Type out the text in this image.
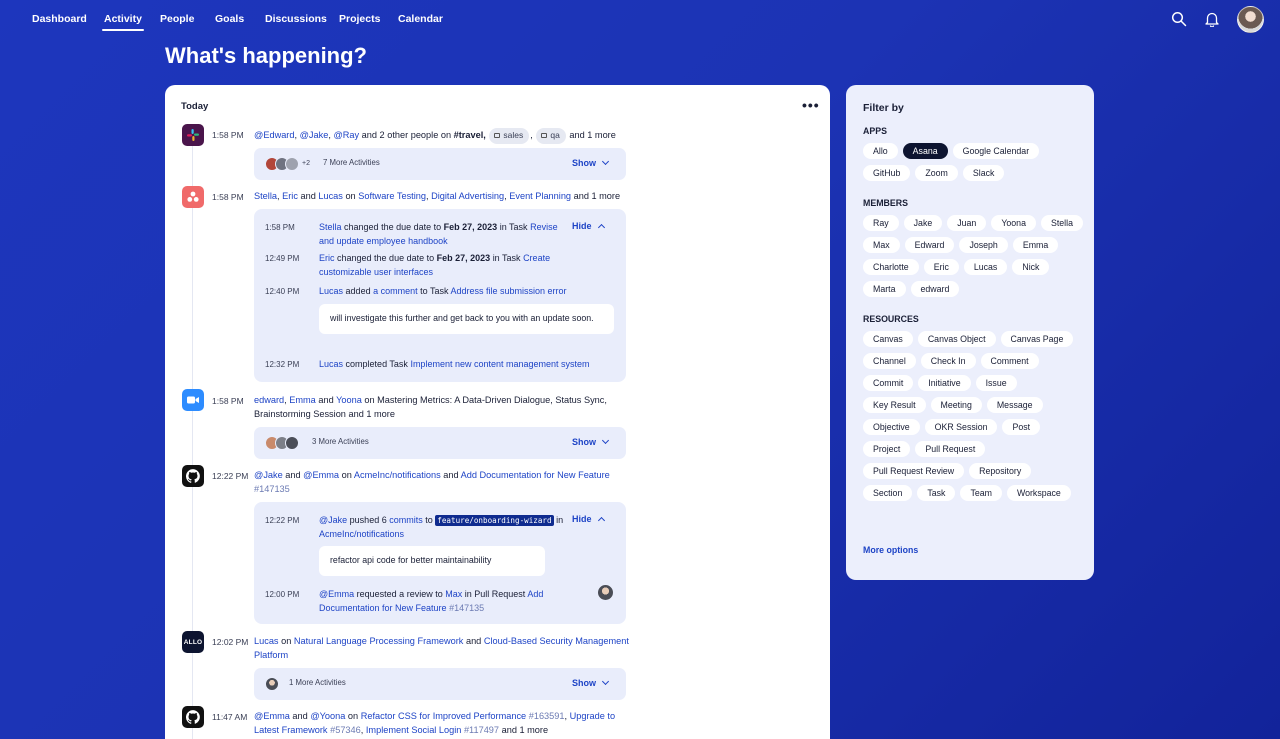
Dashboard Activity People Goals Discussions Projects Calendar
What's happening?
Today	•••
1:58 PM @Edward, @Jake, @Ray and 2 other people on #travel, sales , qa and 1 more
+2 7 More Activities	Show
1:58 PM Stella, Eric and Lucas on Software Testing, Digital Advertising, Event Planning and 1 more
Hide
1:58 PM	Stella changed the due date to Feb 27, 2023 in Task Revise and update employee handbook
12:49 PM Eric changed the due date to Feb 27, 2023 in Task Create customizable user interfaces
12:40 PM Lucas added a comment to Task Address file submission error
will investigate this further and get back to you with an update soon.
12:32 PM Lucas completed Task Implement new content management system
1:58 PM edward, Emma and Yoona on Mastering Metrics: A Data-Driven Dialogue, Status Sync, Brainstorming Session and 1 more
3 More Activities	Show
12:22 PM @Jake and @Emma on AcmeInc/notifications and Add Documentation for New Feature #147135
Hide
12:22 PM @Jake pushed 6 commits to feature/onboarding-wizard in AcmeInc/notifications
refactor api code for better maintainability
12:00 PM @Emma requested a review to Max in Pull Request Add Documentation for New Feature #147135
ALLO 12:02 PM Lucas on Natural Language Processing Framework and Cloud-Based Security Management Platform
1 More Activities	Show
11:47 AM @Emma and @Yoona on Refactor CSS for Improved Performance #163591, Upgrade to Latest Framework #57346, Implement Social Login #117497 and 1 more
Filter by
APPS
Allo	Asana	Google Calendar
GitHub	Zoom	Slack
MEMBERS
Ray	Jake	Juan	Yoona	Stella
Max	Edward	Joseph	Emma
Charlotte	Eric	Lucas	Nick
Marta	edward
RESOURCES
Canvas	Canvas Object	Canvas Page
Channel	Check In	Comment
Commit	Initiative	Issue
Key Result	Meeting	Message
Objective	OKR Session	Post
Project	Pull Request
Pull Request Review	Repository
Section	Task	Team	Workspace
More options
